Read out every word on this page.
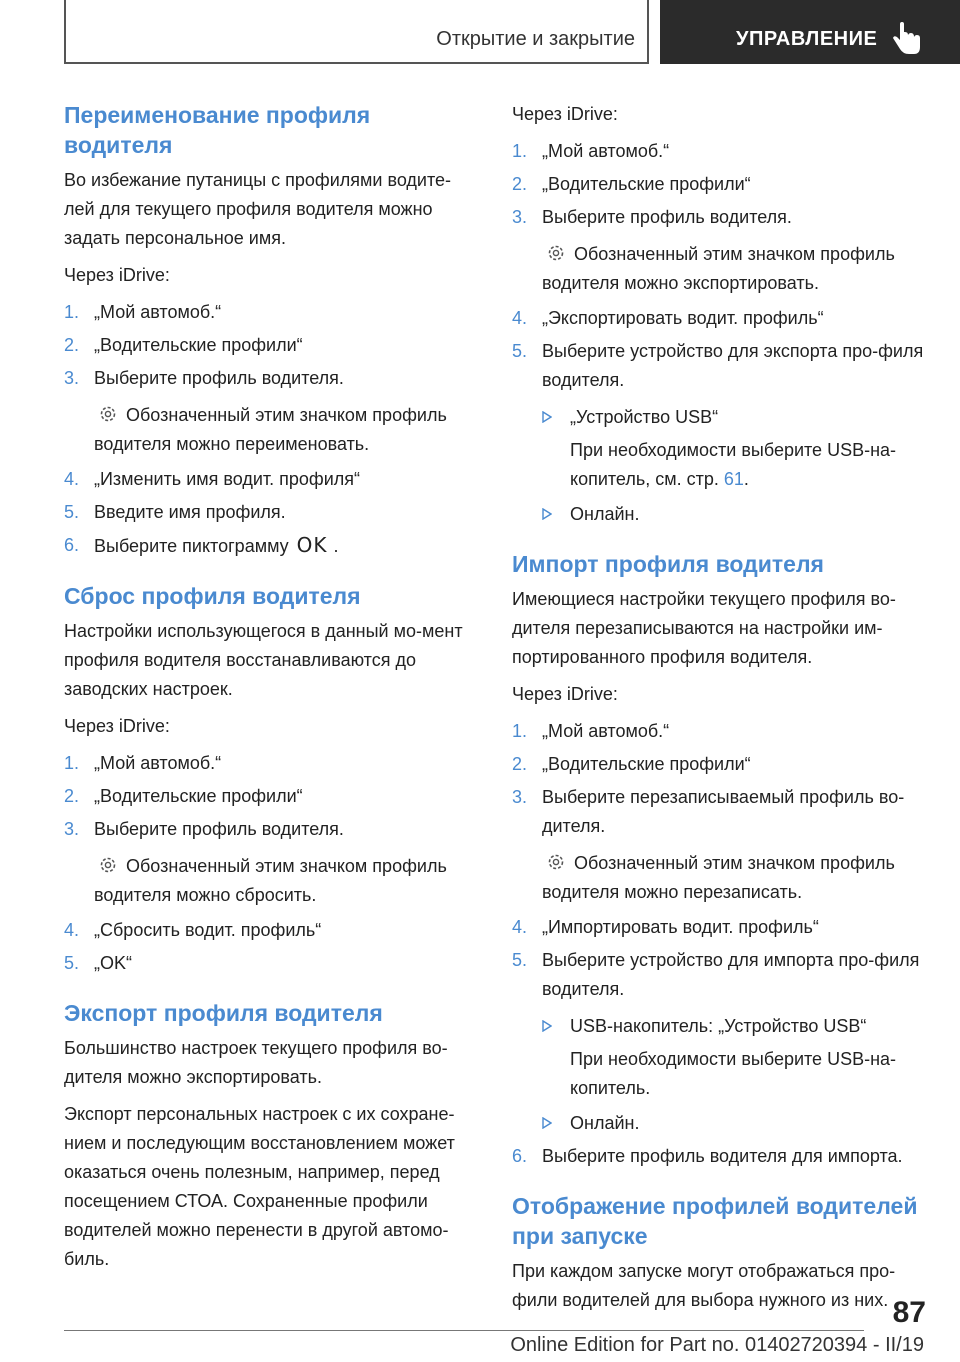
Открытие и закрытие	УПРАВЛЕНИЕ
Переименование профиля водителя

Во избежание путаницы с профилями водите-лей для текущего профиля водителя можно задать персональное имя.

Через iDrive:

1. „Мой автомоб.“
2. „Водительские профили“
3. Выберите профиль водителя.
Обозначенный этим значком профиль водителя можно переименовать.
4. „Изменить имя водит. профиля“
5. Введите имя профиля.
6. Выберите пиктограмму OK .
Сброс профиля водителя

Настройки использующегося в данный мо-мент профиля водителя восстанавливаются до заводских настроек.

Через iDrive:

1. „Мой автомоб.“
2. „Водительские профили“
3. Выберите профиль водителя.
Обозначенный этим значком профиль водителя можно сбросить.
4. „Сбросить водит. профиль“
5. „OK“
Экспорт профиля водителя

Большинство настроек текущего профиля во-дителя можно экспортировать.

Экспорт персональных настроек с их сохране-нием и последующим восстановлением может оказаться очень полезным, например, перед посещением СТОА. Сохраненные профили водителей можно перенести в другой автомо-биль.

Через iDrive:

1. „Мой автомоб.“
2. „Водительские профили“
3. Выберите профиль водителя.
Обозначенный этим значком профиль водителя можно экспортировать.
4. „Экспортировать водит. профиль“
5. Выберите устройство для экспорта про-филя водителя.
„Устройство USB“
При необходимости выберите USB-на-копитель, см. стр. 61.
Онлайн.
Импорт профиля водителя

Имеющиеся настройки текущего профиля во-дителя перезаписываются на настройки им-портированного профиля водителя.

Через iDrive:

1. „Мой автомоб.“
2. „Водительские профили“
3. Выберите перезаписываемый профиль во-дителя.
Обозначенный этим значком профиль водителя можно перезаписать.
4. „Импортировать водит. профиль“
5. Выберите устройство для импорта про-филя водителя.
USB-накопитель: „Устройство USB“
При необходимости выберите USB-на-копитель.
Онлайн.
6. Выберите профиль водителя для импорта.
Отображение профилей водителей при запуске

При каждом запуске могут отображаться про-фили водителей для выбора нужного из них. 87
Online Edition for Part no. 01402720394 - II/19
